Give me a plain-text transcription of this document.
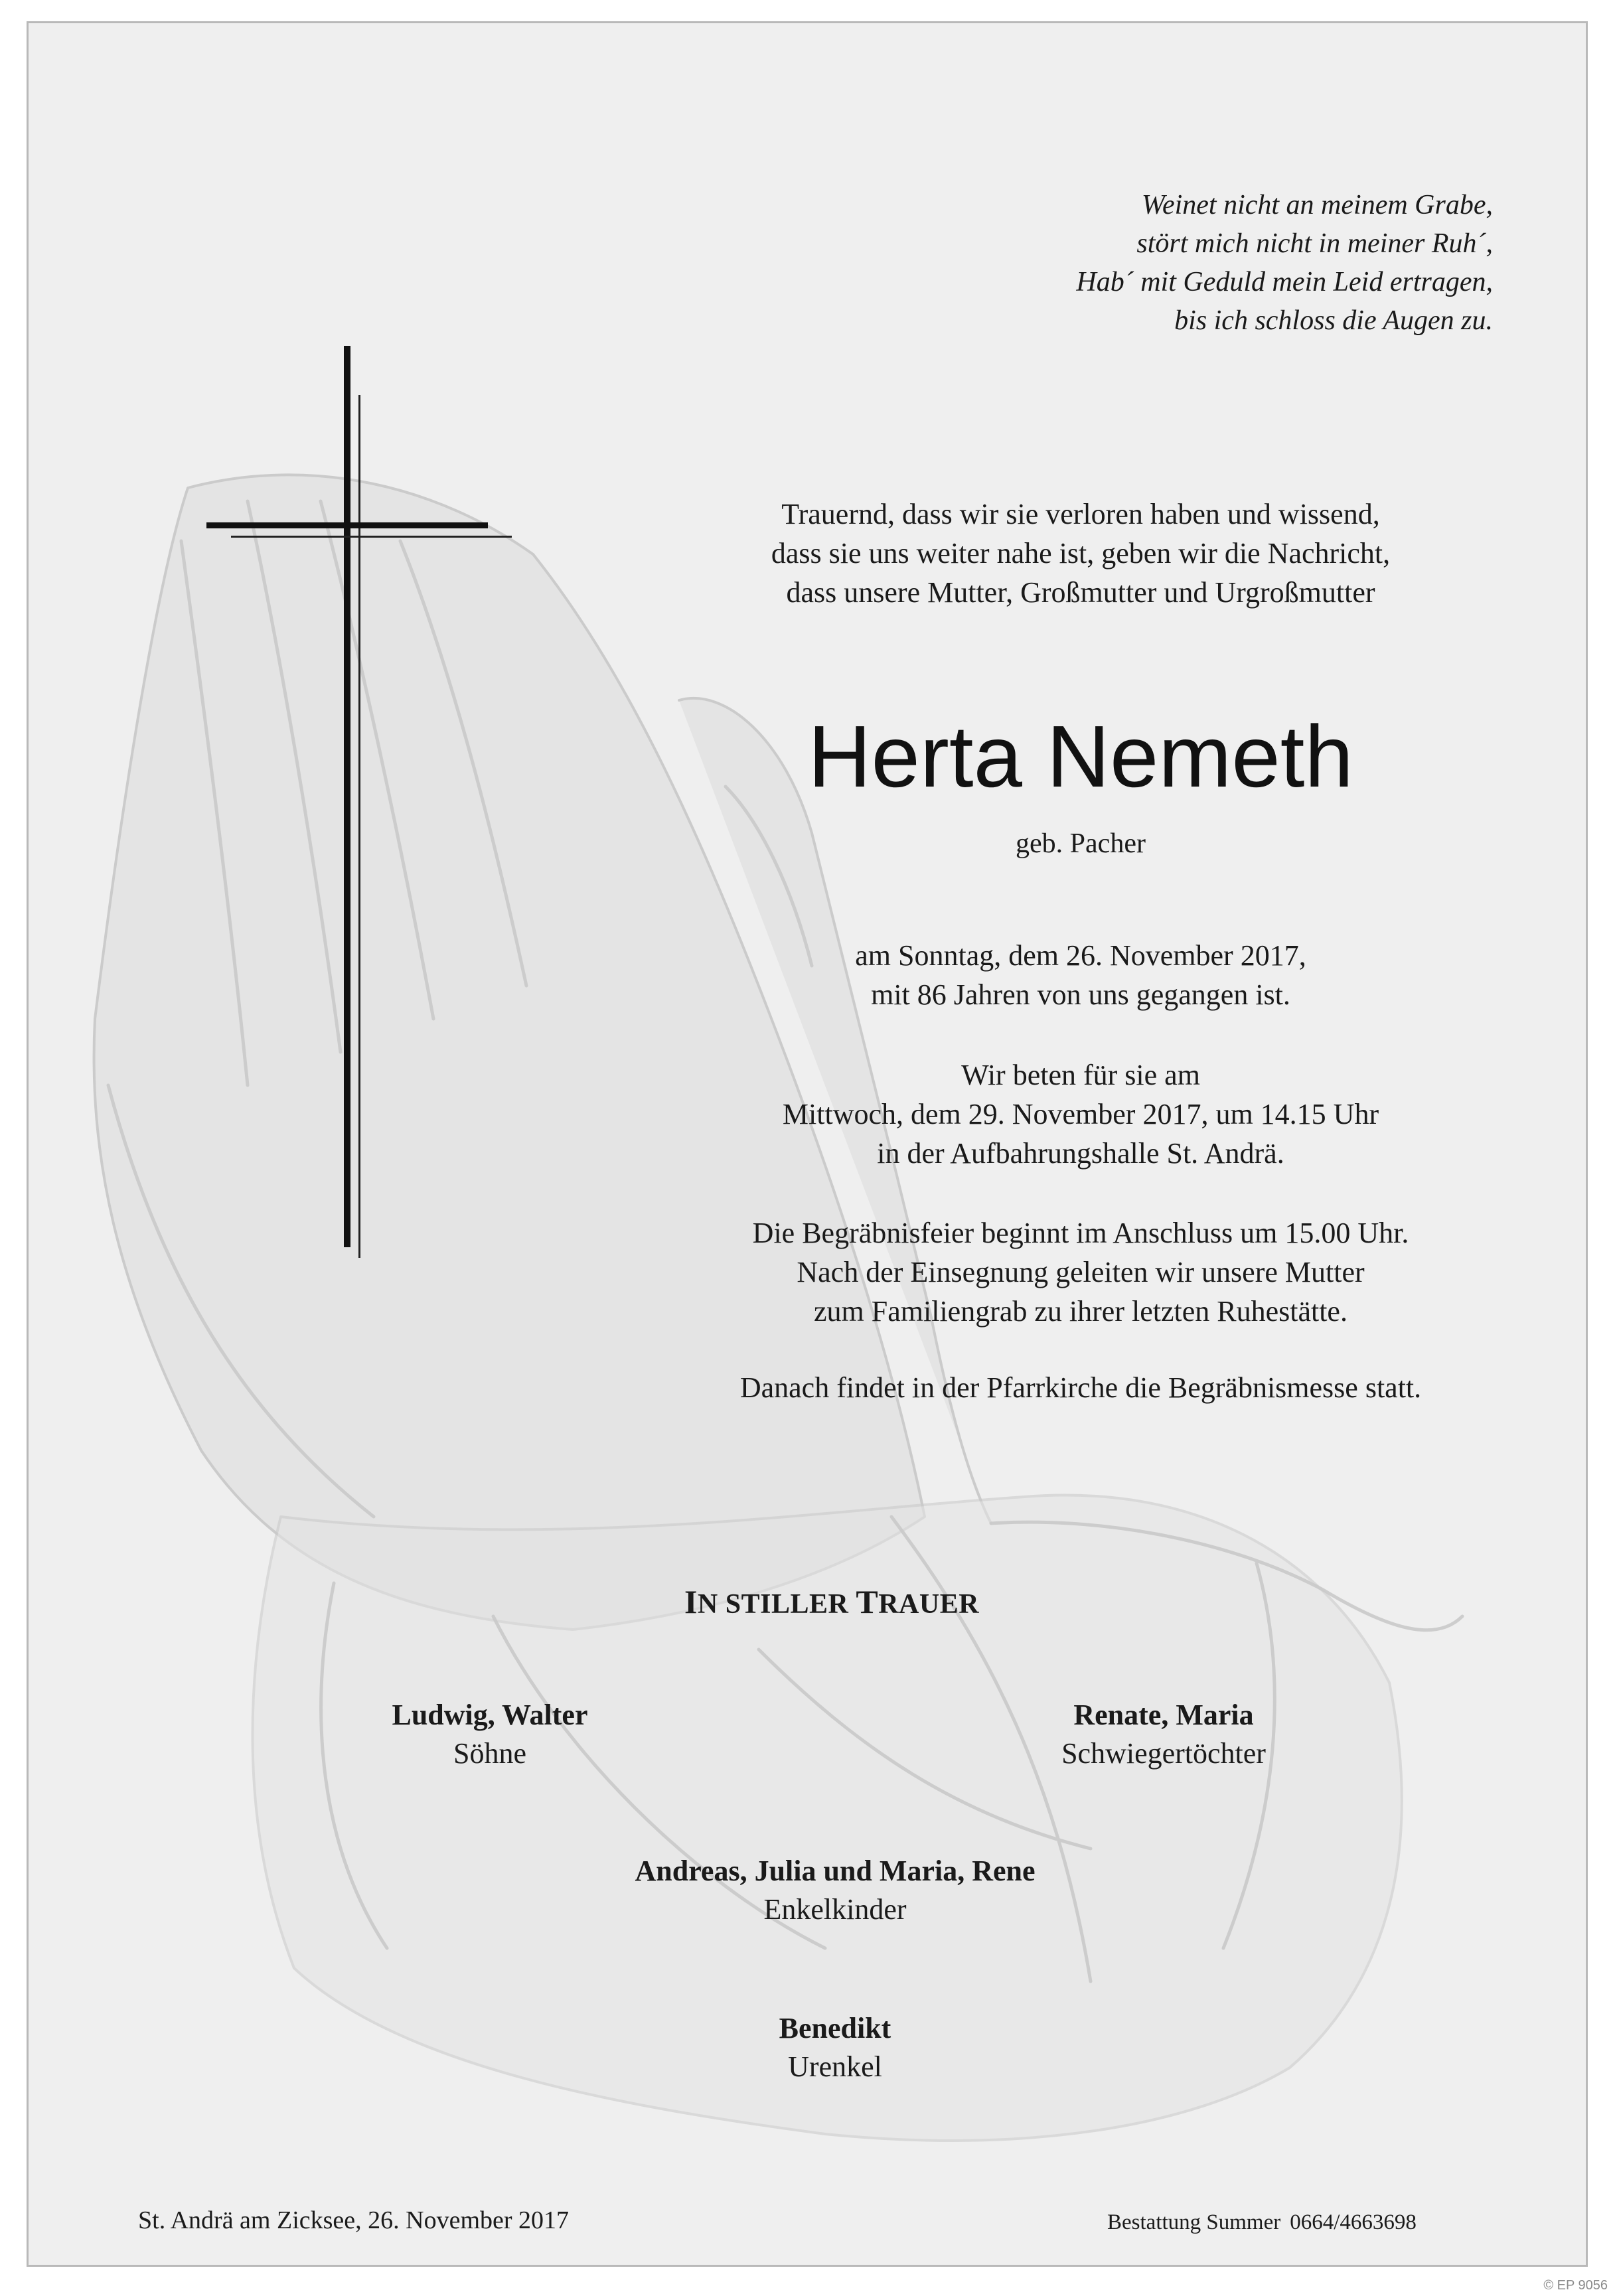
Weinet nicht an meinem Grabe,
stört mich nicht in meiner Ruh´,
Hab´ mit Geduld mein Leid ertragen,
bis ich schloss die Augen zu.
Trauernd, dass wir sie verloren haben und wissend,
dass sie uns weiter nahe ist, geben wir die Nachricht,
dass unsere Mutter, Großmutter und Urgroßmutter
Herta Nemeth
geb. Pacher
am Sonntag, dem 26. November 2017,
mit 86 Jahren von uns gegangen ist.
Wir beten für sie am
Mittwoch, dem 29. November 2017, um 14.15 Uhr
in der Aufbahrungshalle St. Andrä.
Die Begräbnisfeier beginnt im Anschluss um 15.00 Uhr.
Nach der Einsegnung geleiten wir unsere Mutter
zum Familiengrab zu ihrer letzten Ruhestätte.
Danach findet in der Pfarrkirche die Begräbnismesse statt.
IN STILLER TRAUER
Ludwig, Walter
Söhne
Renate, Maria
Schwiegertöchter
Andreas, Julia und Maria, Rene
Enkelkinder
Benedikt
Urenkel
St. Andrä am Zicksee, 26. November 2017	Bestattung Summer 0664/4663698
© EP 9056
